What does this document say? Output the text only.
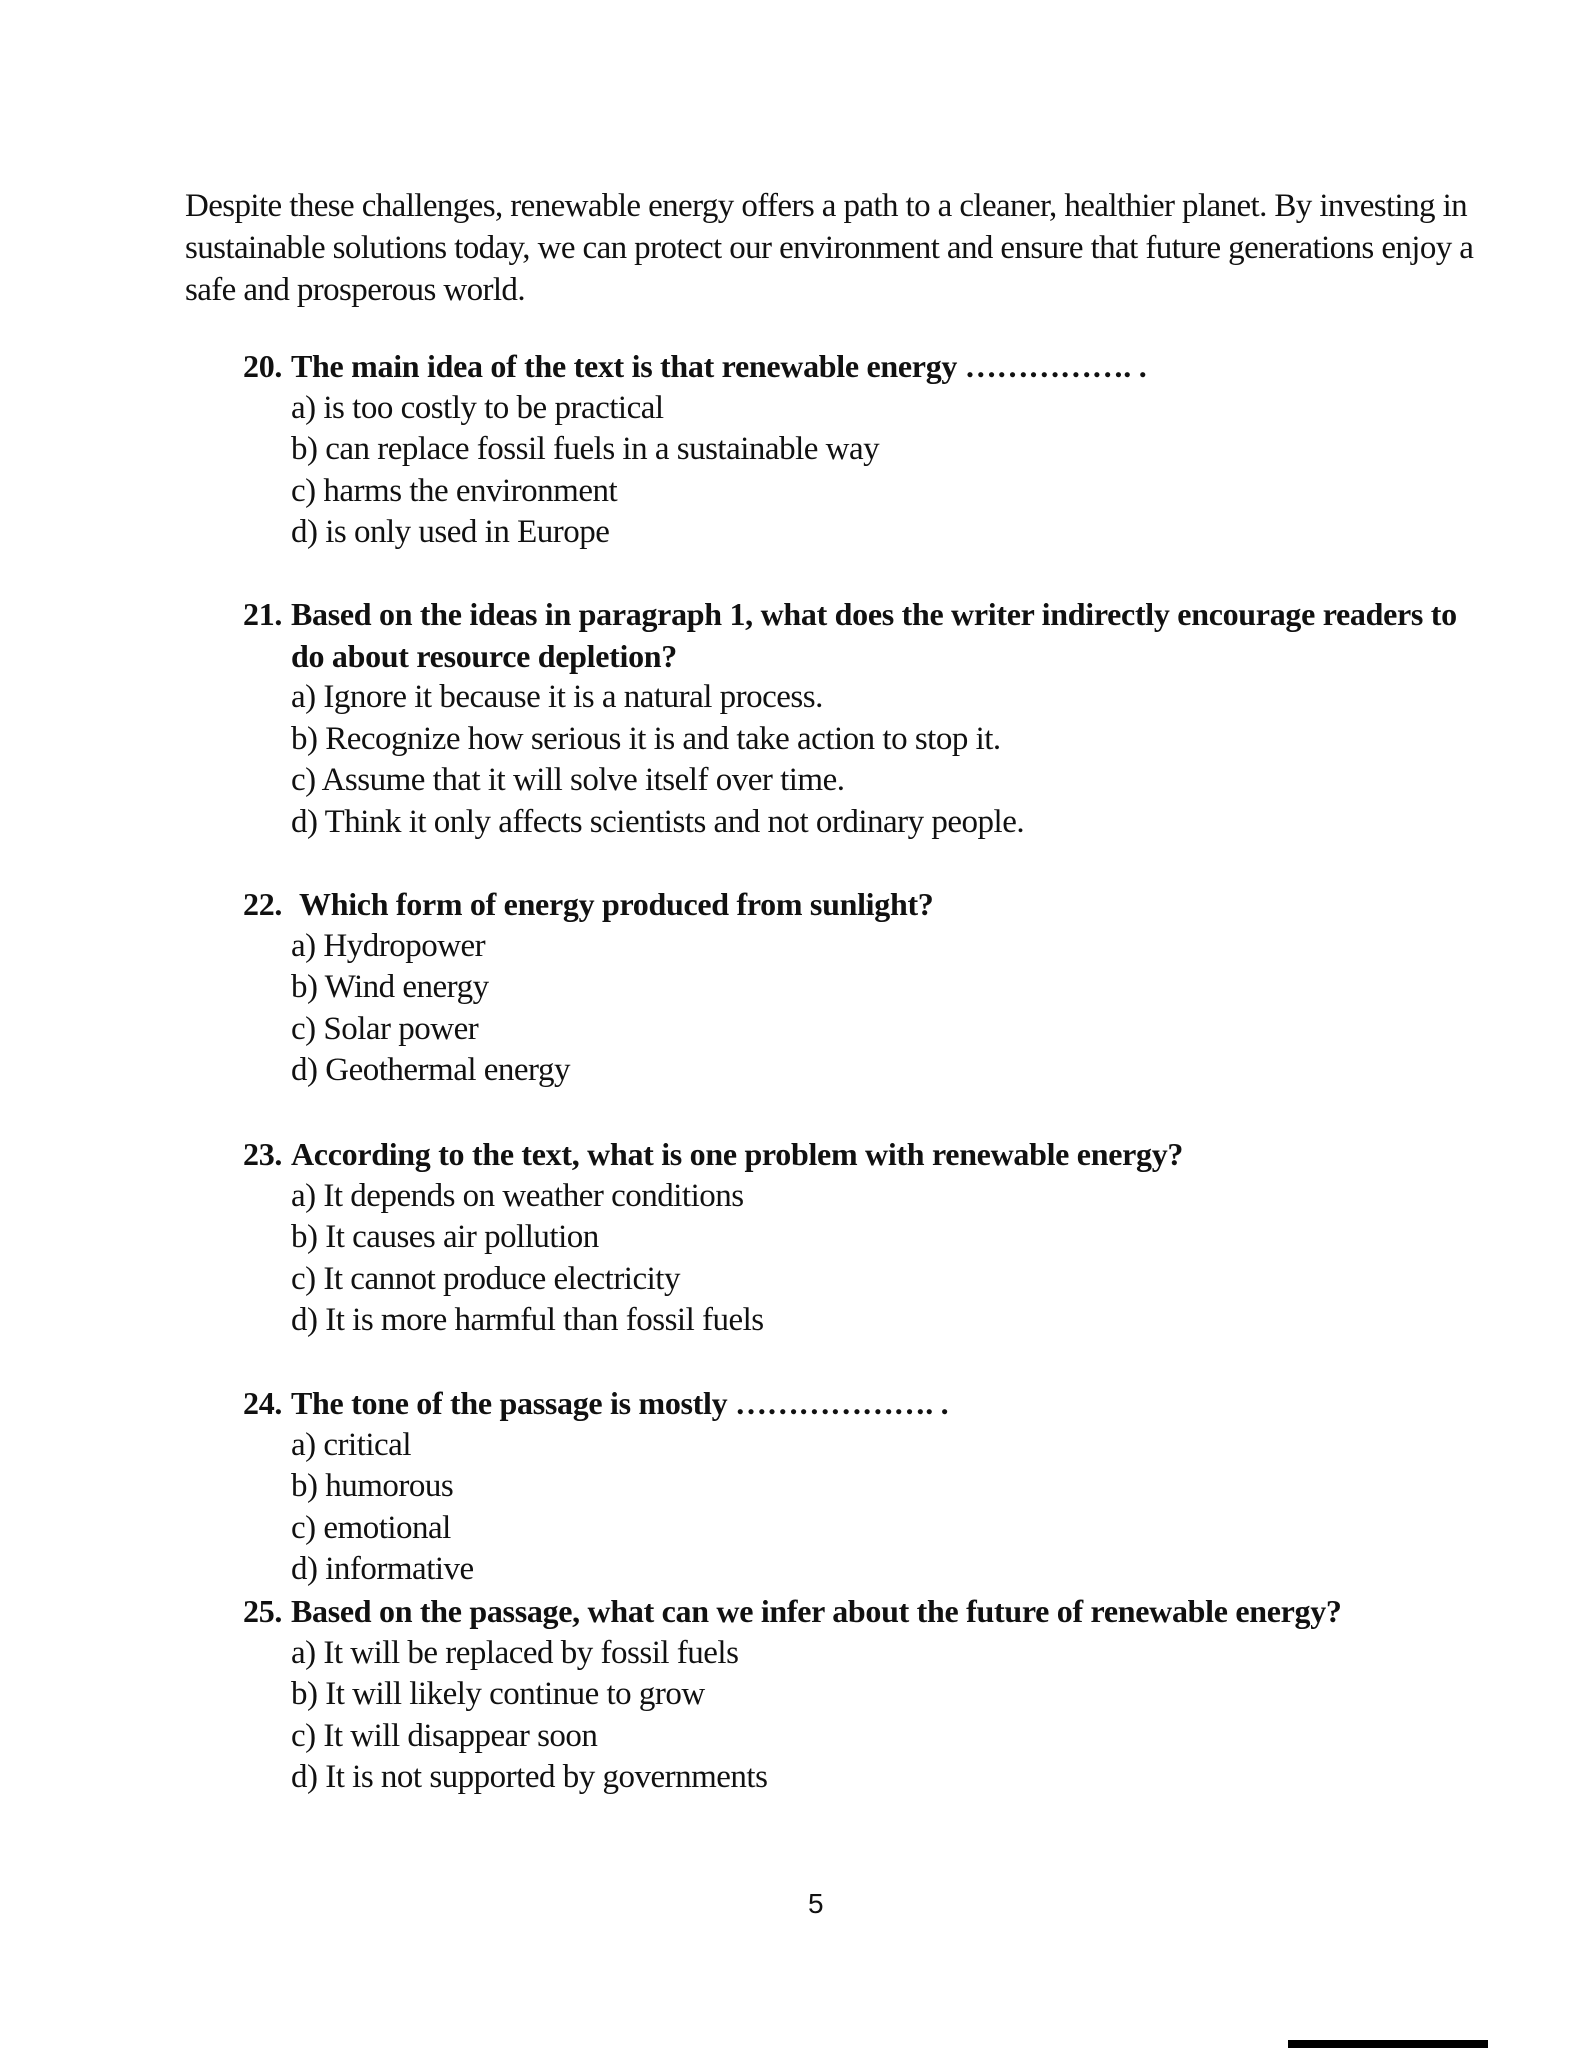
Despite these challenges, renewable energy offers a path to a cleaner, healthier planet. By investing in sustainable solutions today, we can protect our environment and ensure that future generations enjoy a safe and prosperous world.

20. The main idea of the text is that renewable energy ……………. .
a) is too costly to be practical
b) can replace fossil fuels in a sustainable way
c) harms the environment
d) is only used in Europe
21. Based on the ideas in paragraph 1, what does the writer indirectly encourage readers to do about resource depletion?
a) Ignore it because it is a natural process.
b) Recognize how serious it is and take action to stop it.
c) Assume that it will solve itself over time.
d) Think it only affects scientists and not ordinary people.
22. Which form of energy produced from sunlight?
a) Hydropower
b) Wind energy
c) Solar power
d) Geothermal energy
23. According to the text, what is one problem with renewable energy?
a) It depends on weather conditions
b) It causes air pollution
c) It cannot produce electricity
d) It is more harmful than fossil fuels
24. The tone of the passage is mostly ………………. .
a) critical
b) humorous
c) emotional
d) informative
25. Based on the passage, what can we infer about the future of renewable energy?
a) It will be replaced by fossil fuels
b) It will likely continue to grow
c) It will disappear soon
d) It is not supported by governments
5
